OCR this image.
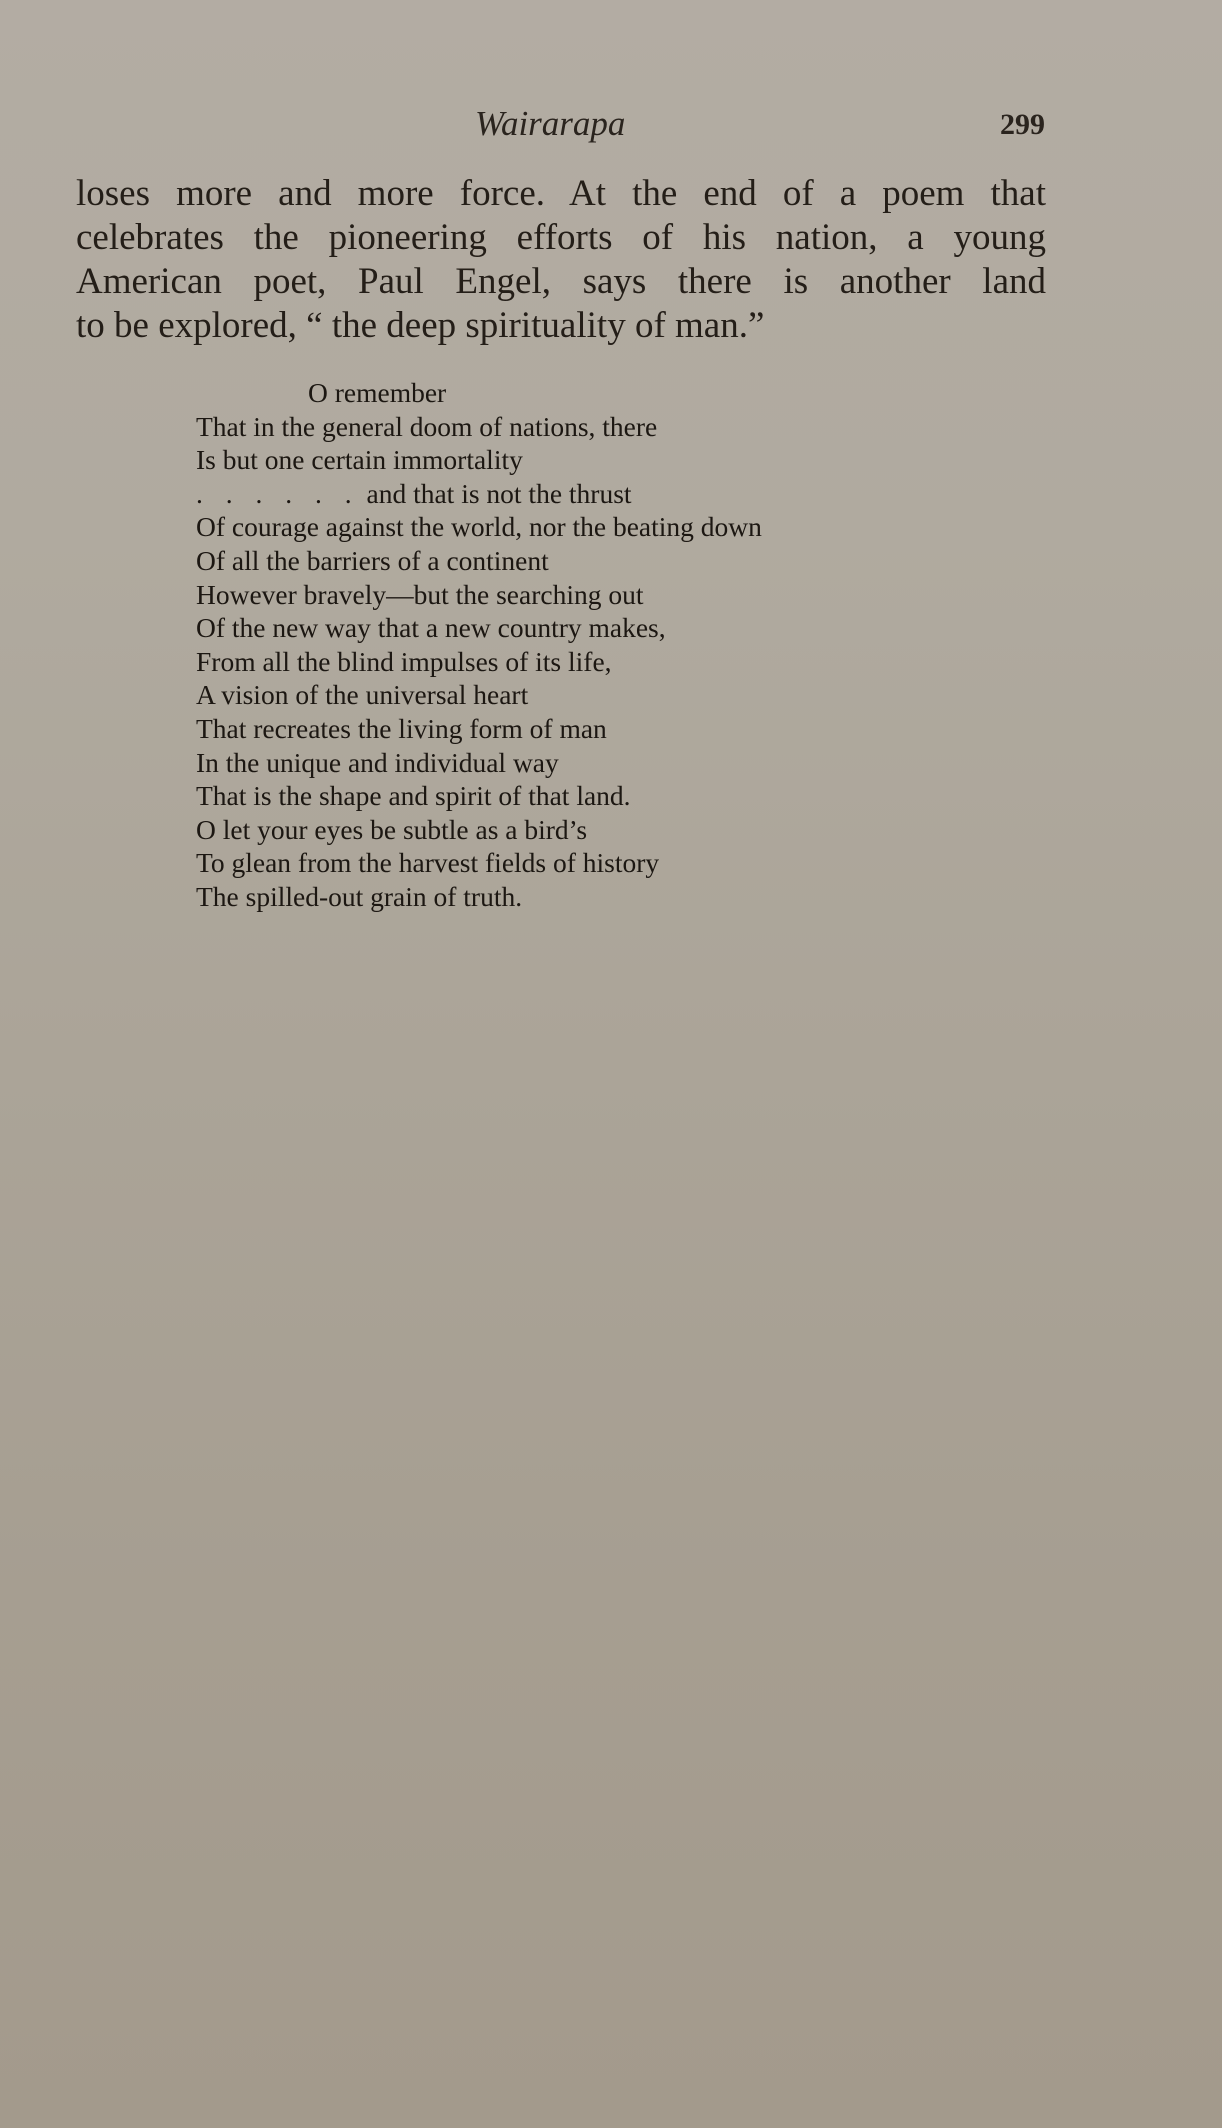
Wairarapa	299

loses more and more force. At the end of a poem that
celebrates the pioneering efforts of his nation, a young
American poet, Paul Engel, says there is another land
to be explored, “ the deep spirituality of man.”

O remember
That in the general doom of nations, there
Is but one certain immortality
. . . . . . and that is not the thrust
Of courage against the world, nor the beating down
Of all the barriers of a continent
However bravely—but the searching out
Of the new way that a new country makes,
From all the blind impulses of its life,
A vision of the universal heart
That recreates the living form of man
In the unique and individual way
That is the shape and spirit of that land.
O let your eyes be subtle as a bird’s
To glean from the harvest fields of history
The spilled-out grain of truth.
